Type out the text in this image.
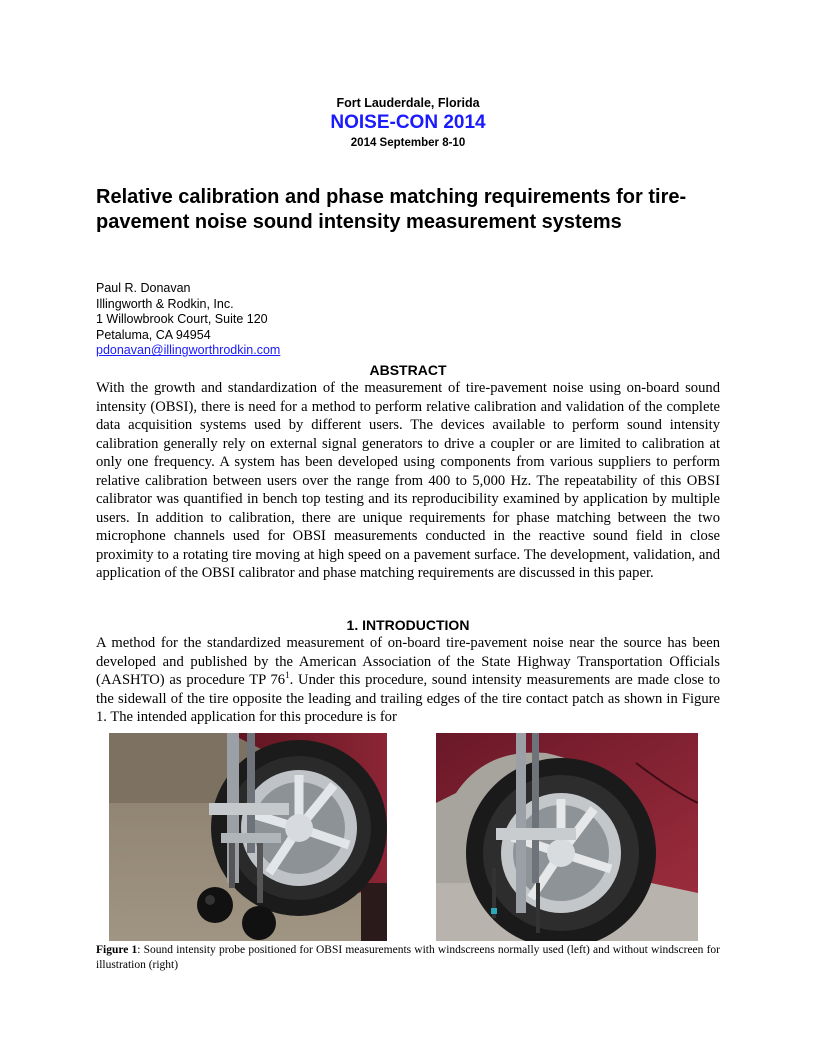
Fort Lauderdale, Florida
NOISE-CON 2014
2014 September 8-10
Relative calibration and phase matching requirements for tire-pavement noise sound intensity measurement systems
Paul R. Donavan
Illingworth & Rodkin, Inc.
1 Willowbrook Court, Suite 120
Petaluma, CA 94954
pdonavan@illingworthrodkin.com
ABSTRACT

With the growth and standardization of the measurement of tire-pavement noise using on-board sound intensity (OBSI), there is need for a method to perform relative calibration and validation of the complete data acquisition systems used by different users. The devices available to perform sound intensity calibration generally rely on external signal generators to drive a coupler or are limited to calibration at only one frequency. A system has been developed using components from various suppliers to perform relative calibration between users over the range from 400 to 5,000 Hz. The repeatability of this OBSI calibrator was quantified in bench top testing and its reproducibility examined by application by multiple users. In addition to calibration, there are unique requirements for phase matching between the two microphone channels used for OBSI measurements conducted in the reactive sound field in close proximity to a rotating tire moving at high speed on a pavement surface. The development, validation, and application of the OBSI calibrator and phase matching requirements are discussed in this paper.

1. INTRODUCTION

A method for the standardized measurement of on-board tire-pavement noise near the source has been developed and published by the American Association of the State Highway Transportation Officials (AASHTO) as procedure TP $76^1$. Under this procedure, sound intensity measurements are made close to the sidewall of the tire opposite the leading and trailing edges of the tire contact patch as shown in Figure 1. The intended application for this procedure is for

Figure 1: Sound intensity probe positioned for OBSI measurements with windscreens normally used (left) and without windscreen for illustration (right)
